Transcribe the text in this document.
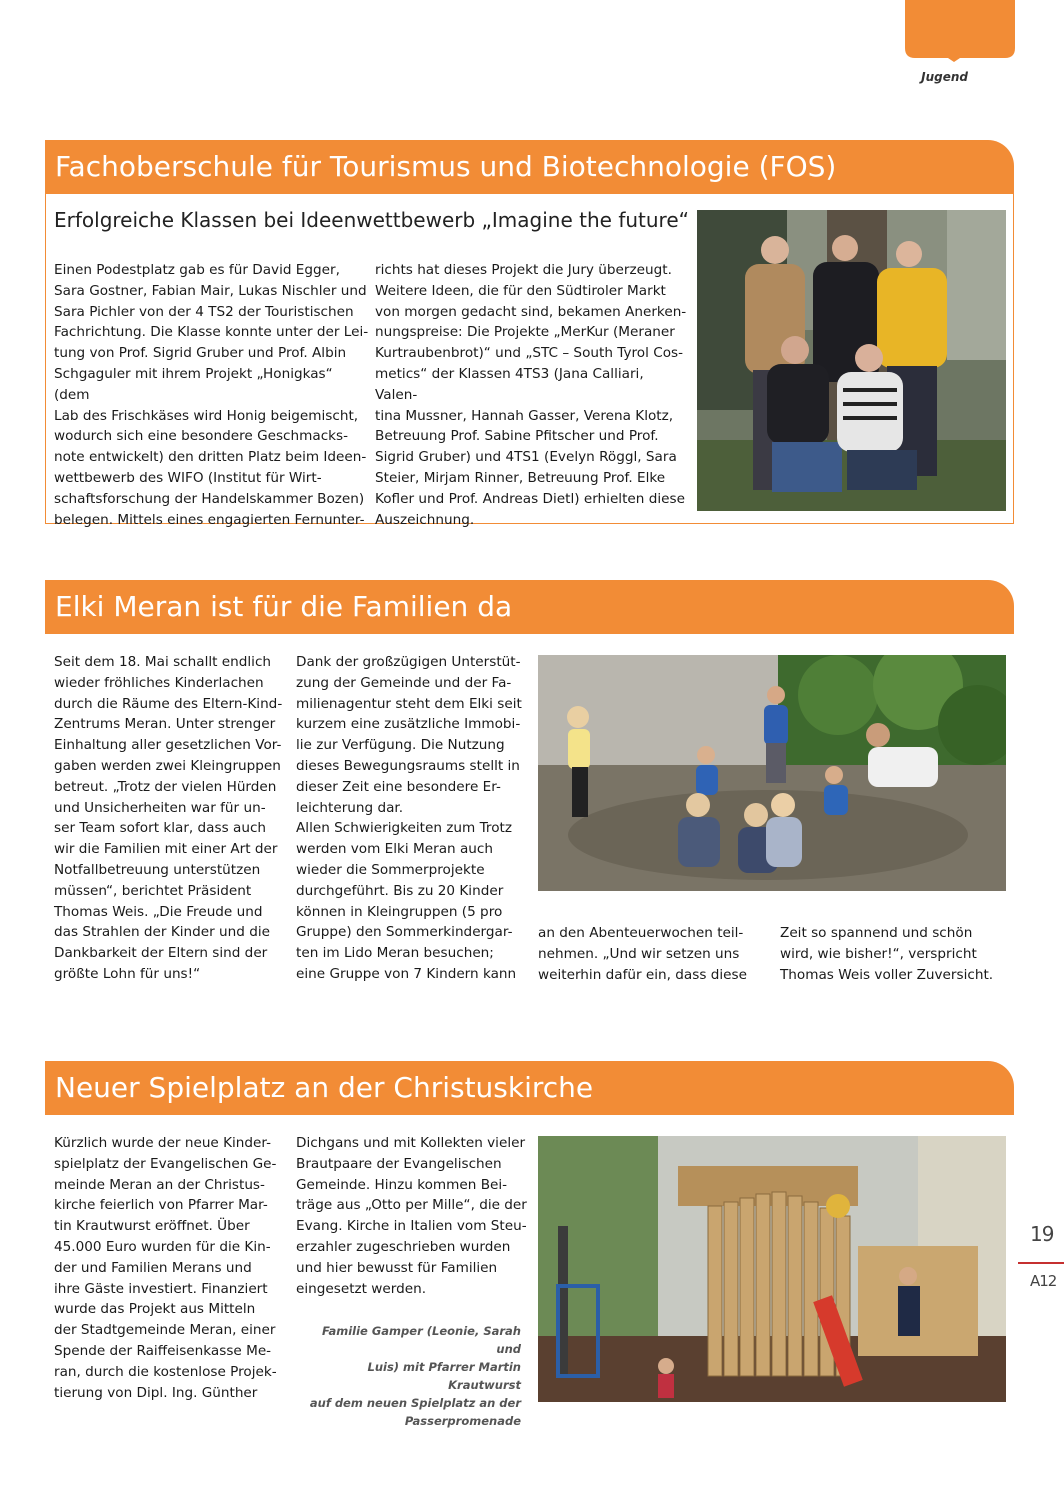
Jugend
Fachoberschule für Tourismus und Biotechnologie (FOS)
Erfolgreiche Klassen bei Ideenwettbewerb „Imagine the future“
Einen Podestplatz gab es für David Egger,
Sara Gostner, Fabian Mair, Lukas Nischler und
Sara Pichler von der 4 TS2 der Touristischen
Fachrichtung. Die Klasse konnte unter der Lei-
tung von Prof. Sigrid Gruber und Prof. Albin
Schgaguler mit ihrem Projekt „Honigkas“ (dem
Lab des Frischkäses wird Honig beigemischt,
wodurch sich eine besondere Geschmacks-
note entwickelt) den dritten Platz beim Ideen-
wettbewerb des WIFO (Institut für Wirt-
schaftsforschung der Handelskammer Bozen)
belegen. Mittels eines engagierten Fernunter-
richts hat dieses Projekt die Jury überzeugt.
Weitere Ideen, die für den Südtiroler Markt
von morgen gedacht sind, bekamen Anerken-
nungspreise: Die Projekte „MerKur (Meraner
Kurtraubenbrot)“ und „STC – South Tyrol Cos-
metics“ der Klassen 4TS3 (Jana Calliari, Valen-
tina Mussner, Hannah Gasser, Verena Klotz,
Betreuung Prof. Sabine Pfitscher und Prof.
Sigrid Gruber) und 4TS1 (Evelyn Röggl, Sara
Steier, Mirjam Rinner, Betreuung Prof. Elke
Kofler und Prof. Andreas Dietl) erhielten diese
Auszeichnung.
Elki Meran ist für die Familien da
Seit dem 18. Mai schallt endlich
wieder fröhliches Kinderlachen
durch die Räume des Eltern-Kind-
Zentrums Meran. Unter strenger
Einhaltung aller gesetzlichen Vor-
gaben werden zwei Kleingruppen
betreut. „Trotz der vielen Hürden
und Unsicherheiten war für un-
ser Team sofort klar, dass auch
wir die Familien mit einer Art der
Notfallbetreuung unterstützen
müssen“, berichtet Präsident
Thomas Weis. „Die Freude und
das Strahlen der Kinder und die
Dankbarkeit der Eltern sind der
größte Lohn für uns!“
Dank der großzügigen Unterstüt-
zung der Gemeinde und der Fa-
milienagentur steht dem Elki seit
kurzem eine zusätzliche Immobi-
lie zur Verfügung. Die Nutzung
dieses Bewegungsraums stellt in
dieser Zeit eine besondere Er-
leichterung dar.
Allen Schwierigkeiten zum Trotz
werden vom Elki Meran auch
wieder die Sommerprojekte
durchgeführt. Bis zu 20 Kinder
können in Kleingruppen (5 pro
Gruppe) den Sommerkindergar-
ten im Lido Meran besuchen;
eine Gruppe von 7 Kindern kann
an den Abenteuerwochen teil-
nehmen. „Und wir setzen uns
weiterhin dafür ein, dass diese
Zeit so spannend und schön
wird, wie bisher!“, verspricht
Thomas Weis voller Zuversicht.
Neuer Spielplatz an der Christuskirche
Kürzlich wurde der neue Kinder-
spielplatz der Evangelischen Ge-
meinde Meran an der Christus-
kirche feierlich von Pfarrer Mar-
tin Krautwurst eröffnet. Über
45.000 Euro wurden für die Kin-
der und Familien Merans und
ihre Gäste investiert. Finanziert
wurde das Projekt aus Mitteln
der Stadtgemeinde Meran, einer
Spende der Raiffeisenkasse Me-
ran, durch die kostenlose Projek-
tierung von Dipl. Ing. Günther
Dichgans und mit Kollekten vieler
Brautpaare der Evangelischen
Gemeinde. Hinzu kommen Bei-
träge aus „Otto per Mille“, die der
Evang. Kirche in Italien vom Steu-
erzahler zugeschrieben wurden
und hier bewusst für Familien
eingesetzt werden.
Familie Gamper (Leonie, Sarah und
Luis) mit Pfarrer Martin Krautwurst
auf dem neuen Spielplatz an der
Passerpromenade
19
A12
